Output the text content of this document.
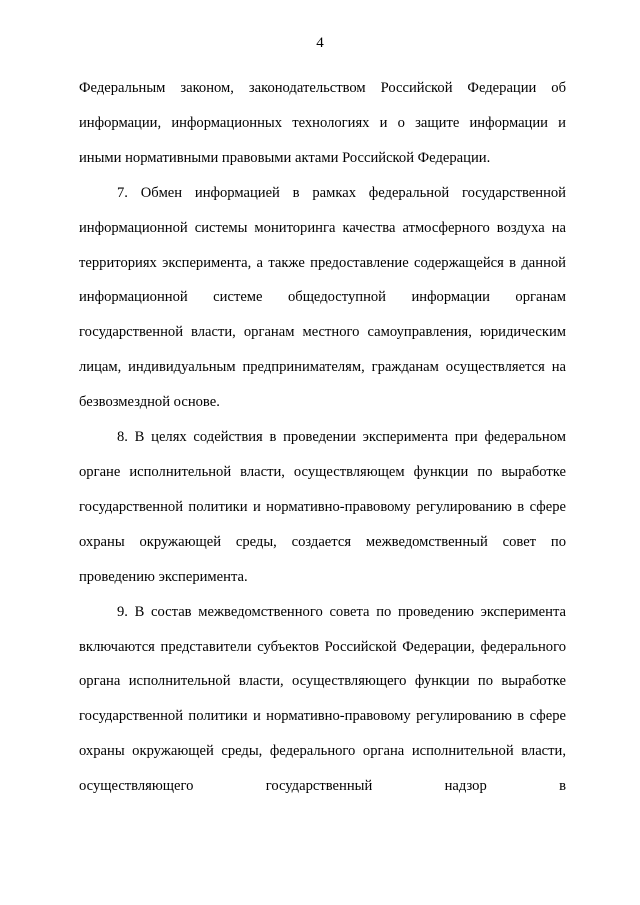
4

Федеральным законом, законодательством Российской Федерации об информации, информационных технологиях и о защите информации и иными нормативными правовыми актами Российской Федерации.

7. Обмен информацией в рамках федеральной государственной информационной системы мониторинга качества атмосферного воздуха на территориях эксперимента, а также предоставление содержащейся в данной информационной системе общедоступной информации органам государственной власти, органам местного самоуправления, юридическим лицам, индивидуальным предпринимателям, гражданам осуществляется на безвозмездной основе.

8. В целях содействия в проведении эксперимента при федеральном органе исполнительной власти, осуществляющем функции по выработке государственной политики и нормативно-правовому регулированию в сфере охраны окружающей среды, создается межведомственный совет по проведению эксперимента.

9. В состав межведомственного совета по проведению эксперимента включаются представители субъектов Российской Федерации, федерального органа исполнительной власти, осуществляющего функции по выработке государственной политики и нормативно-правовому регулированию в сфере охраны окружающей среды, федерального органа исполнительной власти, осуществляющего государственный надзор в
